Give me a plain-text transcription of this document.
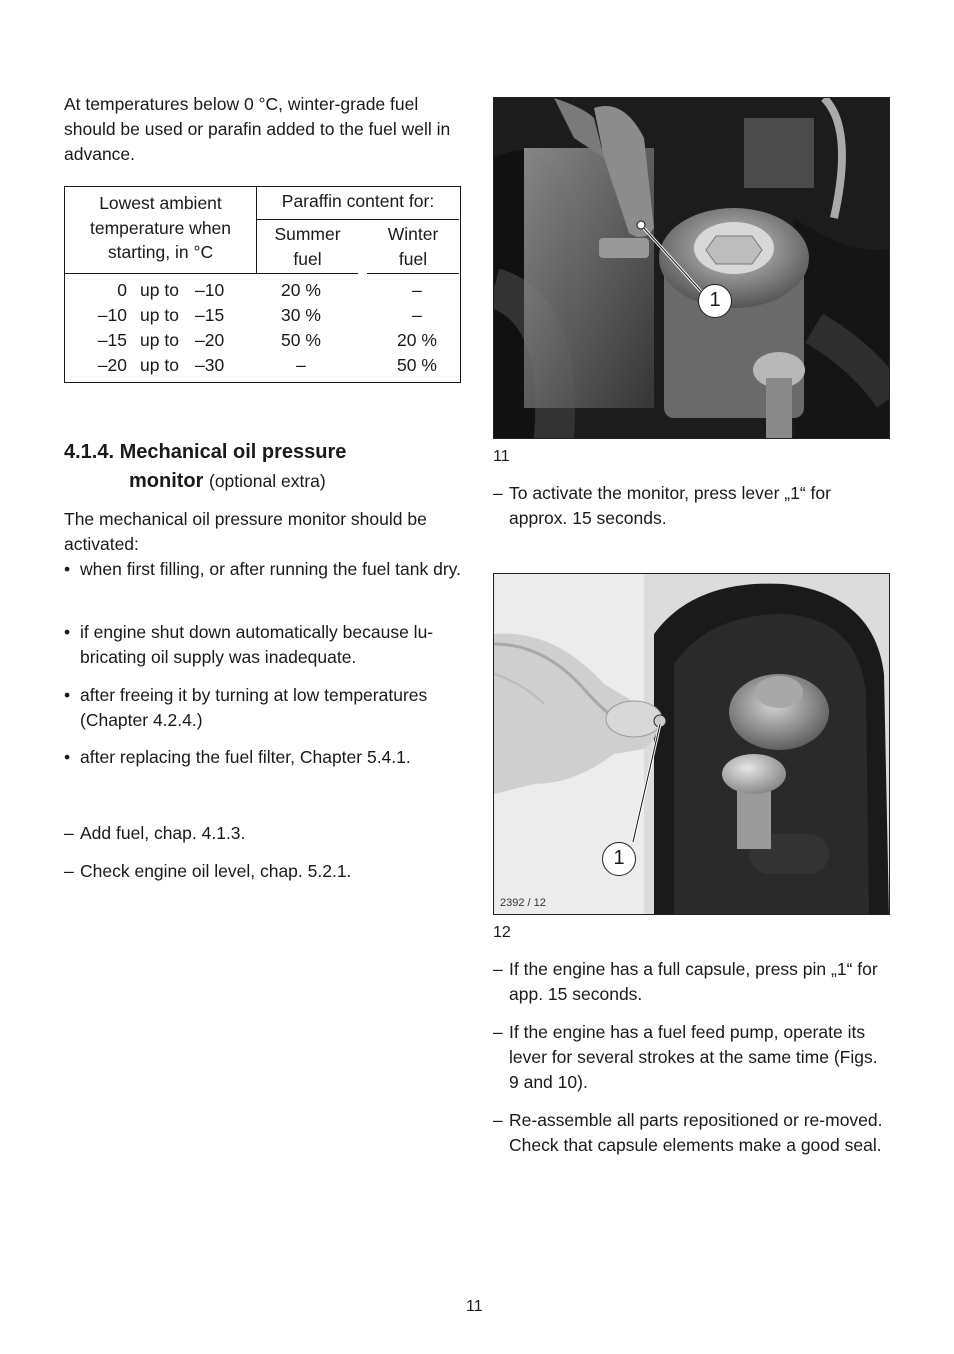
At temperatures below 0 °C, winter-grade fuel should be used or parafin added to the fuel well in advance.
Lowest ambient
temperature when
starting, in °C
Paraffin content for:
Summer
fuel
Winter
fuel
0 up to –10	20 %	–
–10 up to –15	30 %	–
–15 up to –20	50 %	20 %
–20 up to –30	–	50 %
4.1.4. Mechanical oil pressure
monitor (optional extra)
The mechanical oil pressure monitor should be activated:
• when first filling, or after running the fuel tank dry.
• if engine shut down automatically because lu-bricating oil supply was inadequate.
• after freeing it by turning at low temperatures (Chapter 4.2.4.)
• after replacing the fuel filter, Chapter 5.4.1.
– Add fuel, chap. 4.1.3.
– Check engine oil level, chap. 5.2.1.
1
11
– To activate the monitor, press lever „1“ for approx. 15 seconds.
1
2392 / 12
12
– If the engine has a full capsule, press pin „1“ for app. 15 seconds.
– If the engine has a fuel feed pump, operate its lever for several strokes at the same time (Figs. 9 and 10).
– Re-assemble all parts repositioned or re-moved. Check that capsule elements make a good seal.
11
